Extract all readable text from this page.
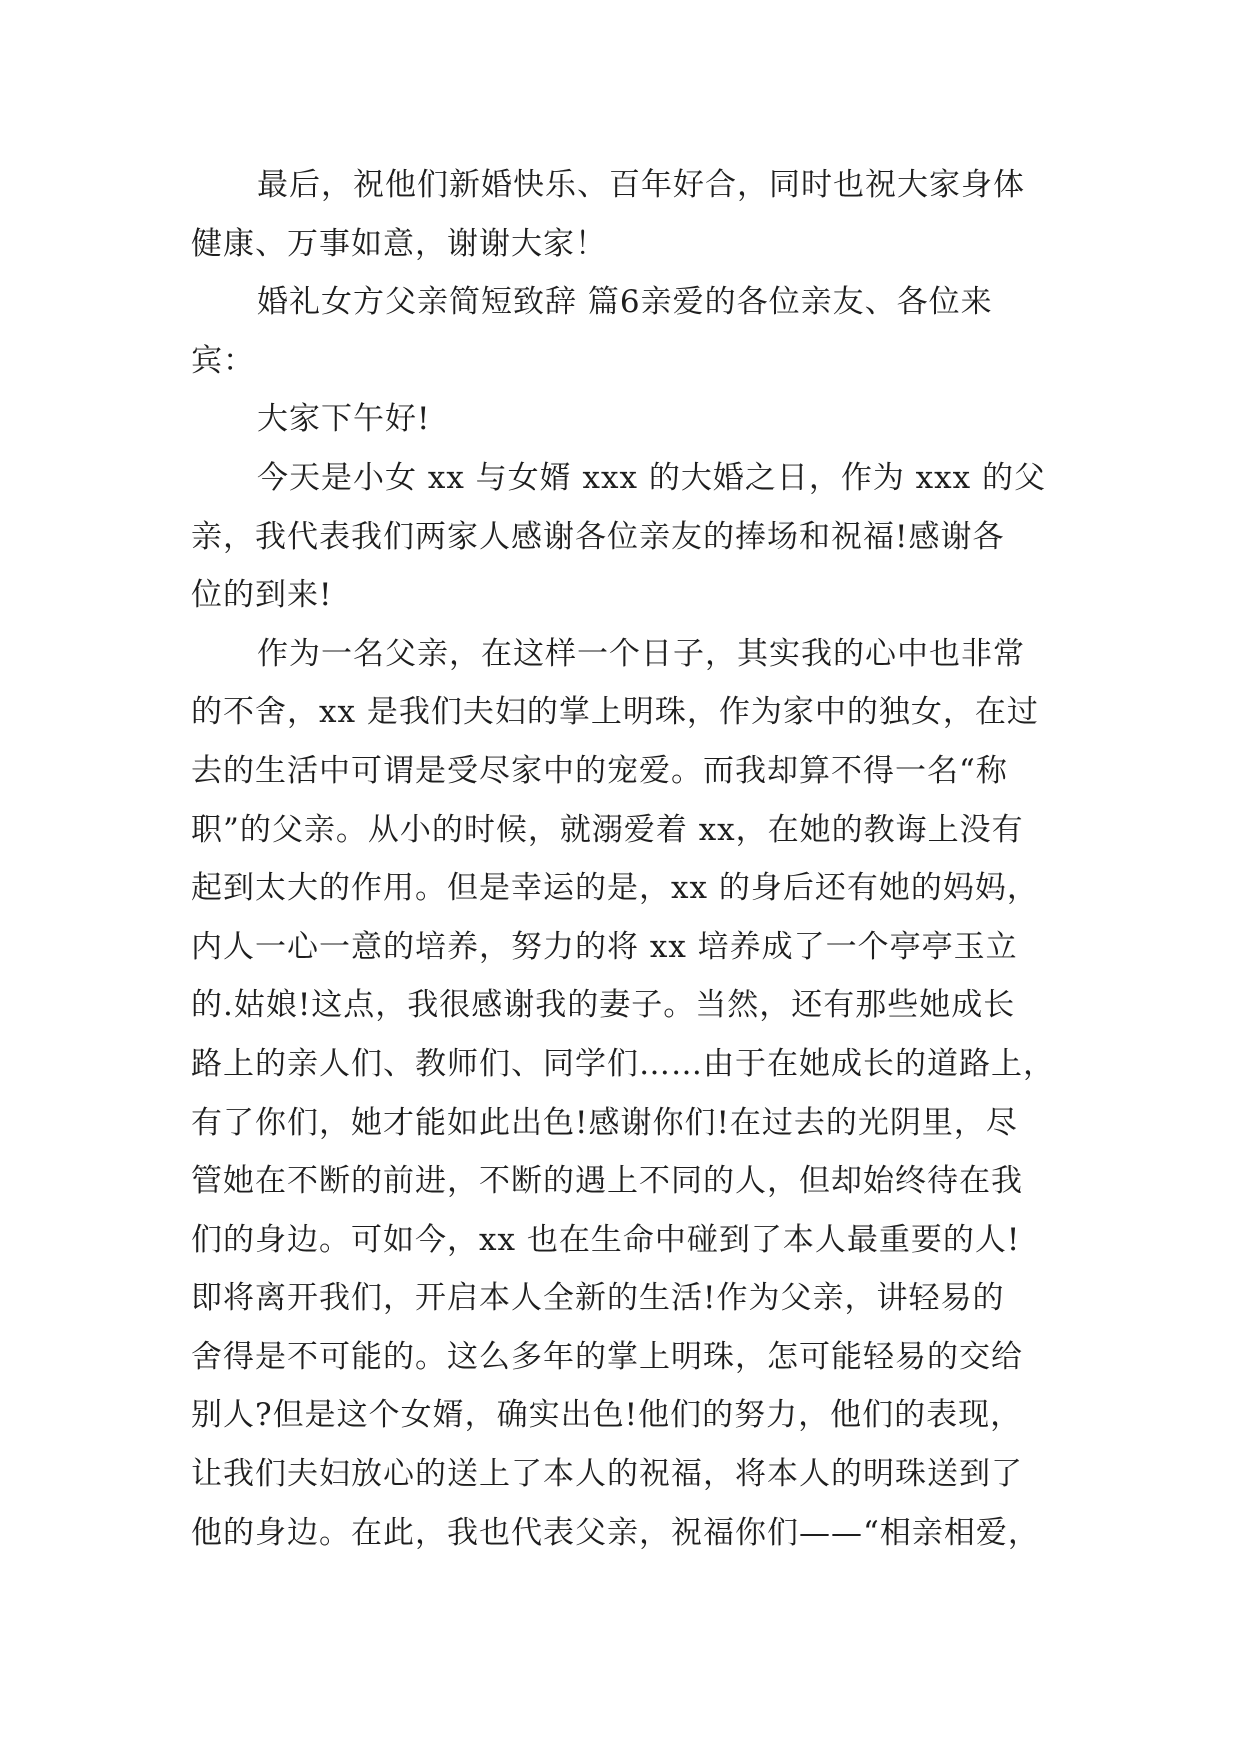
最后，祝他们新婚快乐、百年好合，同时也祝大家身体
健康、万事如意，谢谢大家！
婚礼女方父亲简短致辞 篇6亲爱的各位亲友、各位来
宾：
大家下午好!
今天是小女 xx 与女婿 xxx 的大婚之日，作为 xxx 的父
亲，我代表我们两家人感谢各位亲友的捧场和祝福!感谢各
位的到来!
作为一名父亲，在这样一个日子，其实我的心中也非常
的不舍，xx 是我们夫妇的掌上明珠，作为家中的独女，在过
去的生活中可谓是受尽家中的宠爱。而我却算不得一名“称
职”的父亲。从小的时候，就溺爱着 xx，在她的教诲上没有
起到太大的作用。但是幸运的是，xx 的身后还有她的妈妈，
内人一心一意的培养，努力的将 xx 培养成了一个亭亭玉立
的.姑娘!这点，我很感谢我的妻子。当然，还有那些她成长
路上的亲人们、教师们、同学们……由于在她成长的道路上，
有了你们，她才能如此出色!感谢你们!在过去的光阴里，尽
管她在不断的前进，不断的遇上不同的人，但却始终待在我
们的身边。可如今，xx 也在生命中碰到了本人最重要的人!
即将离开我们，开启本人全新的生活!作为父亲，讲轻易的
舍得是不可能的。这么多年的掌上明珠，怎可能轻易的交给
别人?但是这个女婿，确实出色!他们的努力，他们的表现，
让我们夫妇放心的送上了本人的祝福，将本人的明珠送到了
他的身边。在此，我也代表父亲，祝福你们——“相亲相爱，
